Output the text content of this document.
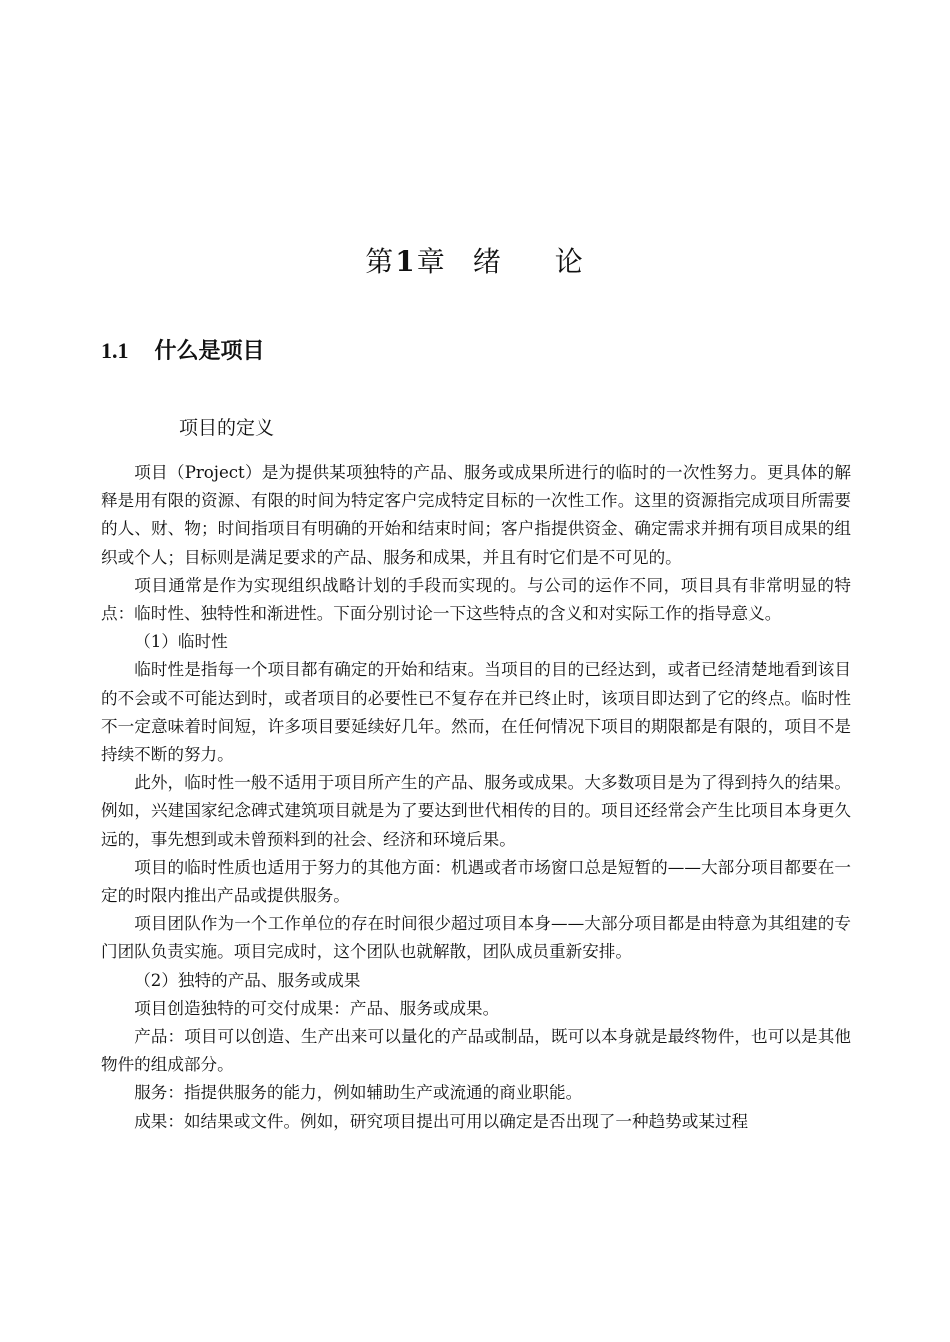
第1章 绪 论
1.1 什么是项目
项目的定义

项目（Project）是为提供某项独特的产品、服务或成果所进行的临时的一次性努力。更具体的解释是用有限的资源、有限的时间为特定客户完成特定目标的一次性工作。这里的资源指完成项目所需要的人、财、物；时间指项目有明确的开始和结束时间；客户指提供资金、确定需求并拥有项目成果的组织或个人；目标则是满足要求的产品、服务和成果，并且有时它们是不可见的。

项目通常是作为实现组织战略计划的手段而实现的。与公司的运作不同，项目具有非常明显的特点：临时性、独特性和渐进性。下面分别讨论一下这些特点的含义和对实际工作的指导意义。

（1）临时性

临时性是指每一个项目都有确定的开始和结束。当项目的目的已经达到，或者已经清楚地看到该目的不会或不可能达到时，或者项目的必要性已不复存在并已终止时，该项目即达到了它的终点。临时性不一定意味着时间短，许多项目要延续好几年。然而，在任何情况下项目的期限都是有限的，项目不是持续不断的努力。

此外，临时性一般不适用于项目所产生的产品、服务或成果。大多数项目是为了得到持久的结果。例如，兴建国家纪念碑式建筑项目就是为了要达到世代相传的目的。项目还经常会产生比项目本身更久远的，事先想到或未曾预料到的社会、经济和环境后果。

项目的临时性质也适用于努力的其他方面：机遇或者市场窗口总是短暂的——大部分项目都要在一定的时限内推出产品或提供服务。

项目团队作为一个工作单位的存在时间很少超过项目本身——大部分项目都是由特意为其组建的专门团队负责实施。项目完成时，这个团队也就解散，团队成员重新安排。

（2）独特的产品、服务或成果

项目创造独特的可交付成果：产品、服务或成果。

产品：项目可以创造、生产出来可以量化的产品或制品，既可以本身就是最终物件，也可以是其他物件的组成部分。

服务：指提供服务的能力，例如辅助生产或流通的商业职能。

成果：如结果或文件。例如，研究项目提出可用以确定是否出现了一种趋势或某过程
